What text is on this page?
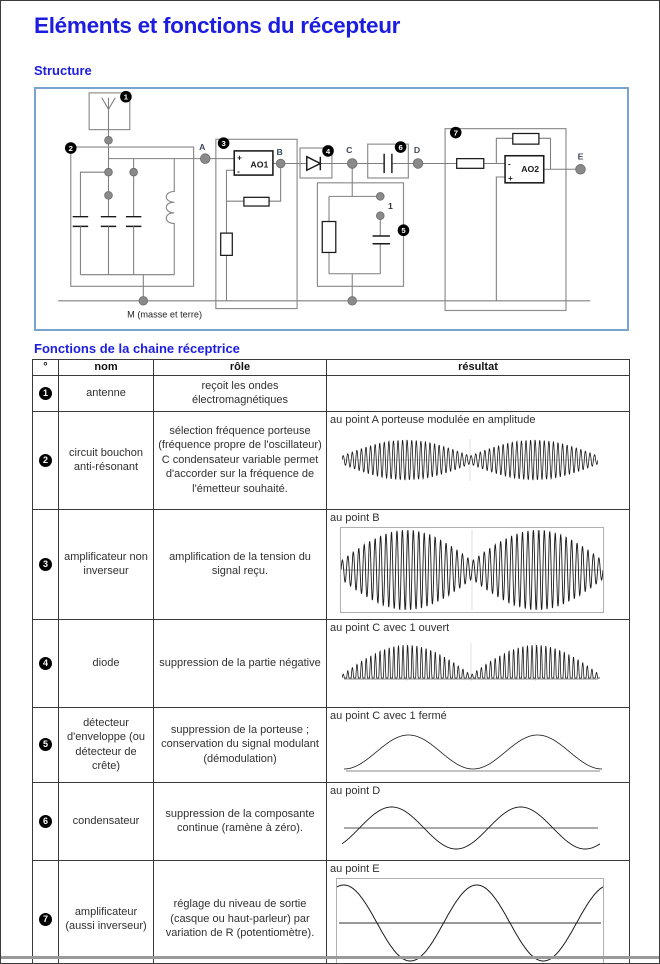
Eléments et fonctions du récepteur
Structure
+
-
AO1
1
-
+
AO2
A	B	C	D
E
M (masse et terre)
1
2
3
4
5
6
7
Fonctions de la chaine réceptrice
°	nom	rôle	résultat
1	antenne	reçoit les ondes électromagnétiques	
2	circuit bouchon anti-résonant	sélection fréquence porteuse (fréquence propre de l'oscillateur) C condensateur variable permet d'accorder sur la fréquence de l'émetteur souhaité.	au point A porteuse modulée en amplitude

3	amplificateur non inverseur	amplification de la tension du signal reçu.	au point B

4	diode	suppression de la partie négative	au point C avec 1 ouvert

5	détecteur d'enveloppe (ou détecteur de crête)	suppression de la porteuse ; conservation du signal modulant (démodulation)	au point C avec 1 fermé

6	condensateur	suppression de la composante continue (ramène à zéro).	au point D

7	amplificateur (aussi inverseur)	réglage du niveau de sortie (casque ou haut-parleur) par variation de R (potentiomètre).	au point E
